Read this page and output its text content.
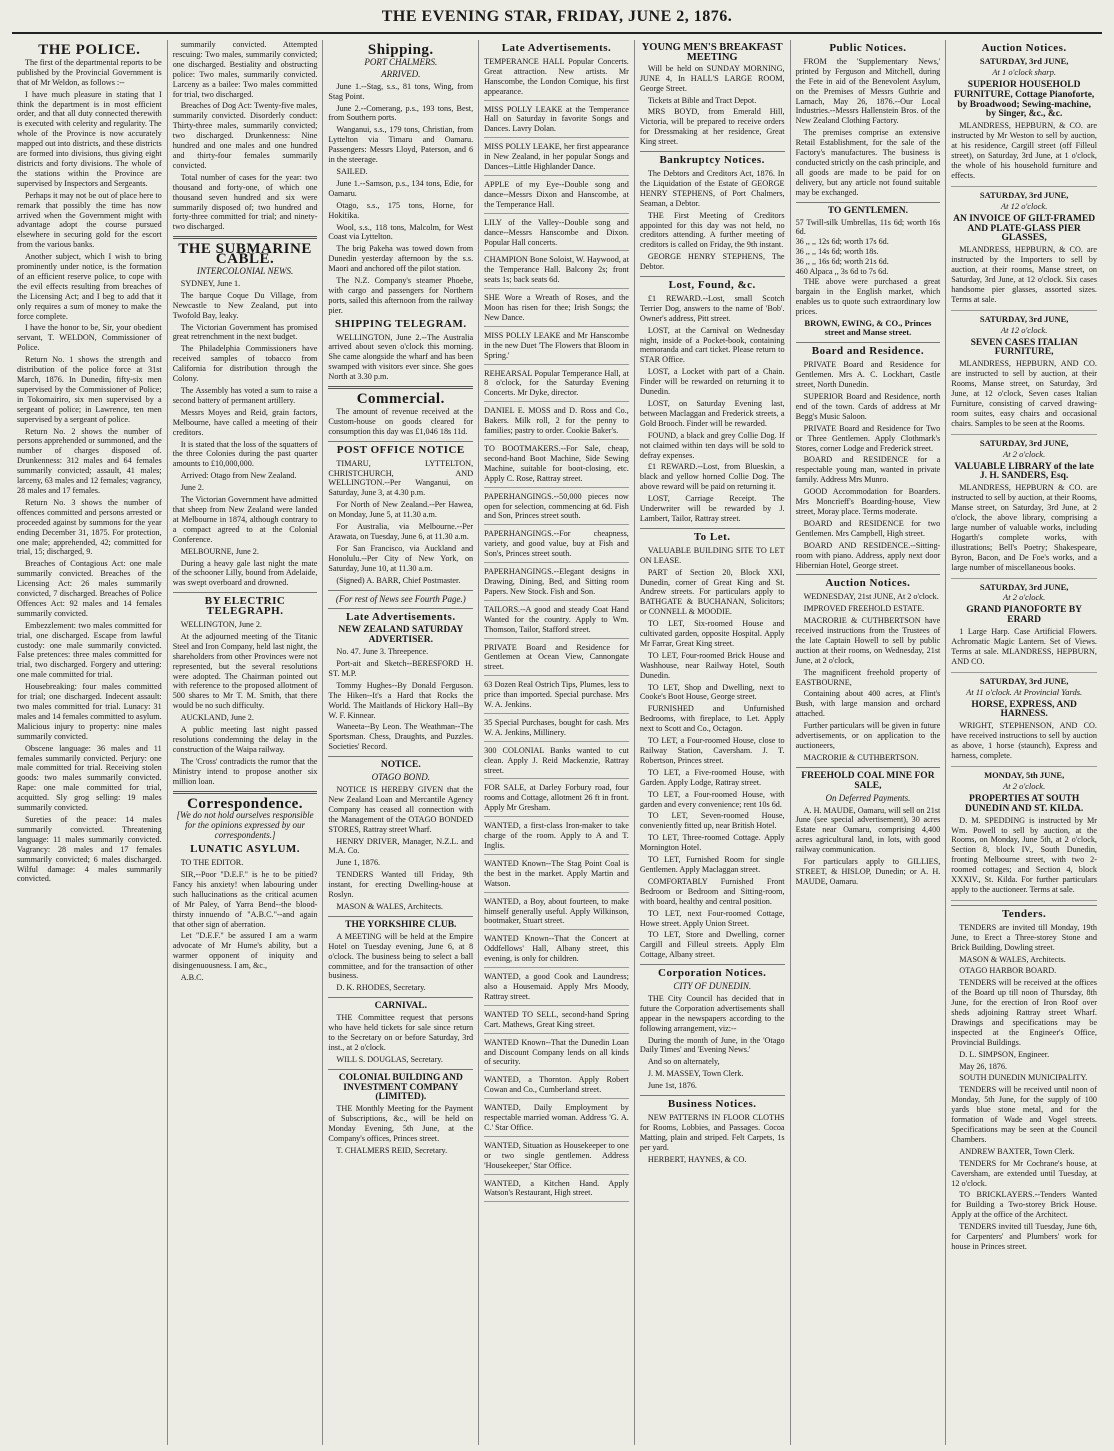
THE EVENING STAR, FRIDAY, JUNE 2, 1876.
THE POLICE.

The first of the departmental reports to be published by the Provincial Government is that of Mr Weldon, as follows :--

I have much pleasure in stating that I think the department is in most efficient order, and that all duty connected therewith is executed with celerity and regularity. The whole of the Province is now accurately mapped out into districts, and these districts are formed into divisions, thus giving eight districts and forty divisions. The whole of the stations within the Province are supervised by Inspectors and Sergeants.

Perhaps it may not be out of place here to remark that possibly the time has now arrived when the Government might with advantage adopt the course pursued elsewhere in securing gold for the escort from the various banks.

Another subject, which I wish to bring prominently under notice, is the formation of an efficient reserve police, to cope with the evil effects resulting from breaches of the Licensing Act; and I beg to add that it only requires a sum of money to make the force complete.

I have the honor to be, Sir, your obedient servant, T. WELDON, Commissioner of Police.

Return No. 1 shows the strength and distribution of the police force at 31st March, 1876. In Dunedin, fifty-six men supervised by the Commissioner of Police; in Tokomairiro, six men supervised by a sergeant of police; in Lawrence, ten men supervised by a sergeant of police.

Return No. 2 shows the number of persons apprehended or summoned, and the number of charges disposed of. Drunkenness: 312 males and 64 females summarily convicted; assault, 41 males; larceny, 63 males and 12 females; vagrancy, 28 males and 17 females.

Return No. 3 shows the number of offences committed and persons arrested or proceeded against by summons for the year ending December 31, 1875. For protection, one male; apprehended, 42; committed for trial, 15; discharged, 9.

Breaches of Contagious Act: one male summarily convicted. Breaches of the Licensing Act: 26 males summarily convicted, 7 discharged. Breaches of Police Offences Act: 92 males and 14 females summarily convicted.

Embezzlement: two males committed for trial, one discharged. Escape from lawful custody: one male summarily convicted. False pretences: three males committed for trial, two discharged. Forgery and uttering: one male committed for trial.

Housebreaking: four males committed for trial; one discharged. Indecent assault: two males committed for trial. Lunacy: 31 males and 14 females committed to asylum. Malicious injury to property: nine males summarily convicted.

Obscene language: 36 males and 11 females summarily convicted. Perjury: one male committed for trial. Receiving stolen goods: two males summarily convicted. Rape: one male committed for trial, acquitted. Sly grog selling: 19 males summarily convicted.

Sureties of the peace: 14 males summarily convicted. Threatening language: 11 males summarily convicted. Vagrancy: 28 males and 17 females summarily convicted; 6 males discharged. Wilful damage: 4 males summarily convicted.

summarily convicted. Attempted rescuing: Two males, summarily convicted; one discharged. Bestiality and obstructing police: Two males, summarily convicted. Larceny as a bailee: Two males committed for trial, two discharged.

Breaches of Dog Act: Twenty-five males, summarily convicted. Disorderly conduct: Thirty-three males, summarily convicted; two discharged. Drunkenness: Nine hundred and one males and one hundred and thirty-four females summarily convicted.

Total number of cases for the year: two thousand and forty-one, of which one thousand seven hundred and six were summarily disposed of; two hundred and forty-three committed for trial; and ninety-two discharged.

THE SUBMARINE CABLE.
INTERCOLONIAL NEWS.

SYDNEY, June 1.

The barque Coque Du Village, from Newcastle to New Zealand, put into Twofold Bay, leaky.

The Victorian Government has promised great retrenchment in the next budget.

The Philadelphia Commissioners have received samples of tobacco from California for distribution through the Colony.

The Assembly has voted a sum to raise a second battery of permanent artillery.

Messrs Moyes and Reid, grain factors, Melbourne, have called a meeting of their creditors.

It is stated that the loss of the squatters of the three Colonies during the past quarter amounts to £10,000,000.

Arrived: Otago from New Zealand.

June 2.

The Victorian Government have admitted that sheep from New Zealand were landed at Melbourne in 1874, although contrary to a compact agreed to at the Colonial Conference.

MELBOURNE, June 2.

During a heavy gale last night the mate of the schooner Lilly, bound from Adelaide, was swept overboard and drowned.

BY ELECTRIC TELEGRAPH.

WELLINGTON, June 2.

At the adjourned meeting of the Titanic Steel and Iron Company, held last night, the shareholders from other Provinces were not represented, but the several resolutions were adopted. The Chairman pointed out with reference to the proposed allotment of 500 shares to Mr T. M. Smith, that there would be no such difficulty.

AUCKLAND, June 2.

A public meeting last night passed resolutions condemning the delay in the construction of the Waipa railway.

The 'Cross' contradicts the rumor that the Ministry intend to propose another six million loan.

Correspondence.
[We do not hold ourselves responsible for the opinions expressed by our correspondents.]
LUNATIC ASYLUM.

TO THE EDITOR.

SIR,--Poor "D.E.F." is he to be pitied? Fancy his anxiety! when labouring under such hallucinations as the critical acumen of Mr Paley, of Yarra Bend--the blood-thirsty innuendo of "A.B.C."--and again that other sign of aberration.

Let "D.E.F." be assured I am a warm advocate of Mr Hume's ability, but a warmer opponent of iniquity and disingenuousness. I am, &c.,

A.B.C.

Shipping.
PORT CHALMERS.
ARRIVED.

June 1.--Stag, s.s., 81 tons, Wing, from Stag Point.

June 2.--Comerang, p.s., 193 tons, Best, from Southern ports.

Wanganui, s.s., 179 tons, Christian, from Lyttelton via Timaru and Oamaru. Passengers: Messrs Lloyd, Paterson, and 6 in the steerage.

SAILED.

June 1.--Samson, p.s., 134 tons, Edie, for Oamaru.

Otago, s.s., 175 tons, Horne, for Hokitika.

Wool, s.s., 118 tons, Malcolm, for West Coast via Lyttelton.

The brig Pakeha was towed down from Dunedin yesterday afternoon by the s.s. Maori and anchored off the pilot station.

The N.Z. Company's steamer Phoebe, with cargo and passengers for Northern ports, sailed this afternoon from the railway pier.

SHIPPING TELEGRAM.

WELLINGTON, June 2.--The Australia arrived about seven o'clock this morning. She came alongside the wharf and has been swamped with visitors ever since. She goes North at 3.30 p.m.

Commercial.

The amount of revenue received at the Custom-house on goods cleared for consumption this day was £1,046 18s 11d.

POST OFFICE NOTICE

TIMARU, LYTTELTON, CHRISTCHURCH, AND WELLINGTON.--Per Wanganui, on Saturday, June 3, at 4.30 p.m.

For North of New Zealand.--Per Hawea, on Monday, June 5, at 11.30 a.m.

For Australia, via Melbourne.--Per Arawata, on Tuesday, June 6, at 11.30 a.m.

For San Francisco, via Auckland and Honolulu.--Per City of New York, on Saturday, June 10, at 11.30 a.m.

(Signed) A. BARR, Chief Postmaster.

(For rest of News see Fourth Page.)
Late Advertisements.
NEW ZEALAND SATURDAY ADVERTISER.

No. 47. June 3. Threepence.

Port-ait and Sketch--BERESFORD H. ST. M.P.

Tommy Hughes--By Donald Ferguson. The Hiken--It's a Hard that Rocks the World. The Maitlands of Hickory Hall--By W. F. Kinnear.

Waneeta--By Leon. The Weathman--The Sportsman. Chess, Draughts, and Puzzles. Societies' Record.

NOTICE.
OTAGO BOND.

NOTICE IS HEREBY GIVEN that the New Zealand Loan and Mercantile Agency Company has ceased all connection with the Management of the OTAGO BONDED STORES, Rattray street Wharf.

HENRY DRIVER, Manager, N.Z.L. and M.A. Co.

June 1, 1876.

TENDERS Wanted till Friday, 9th instant, for erecting Dwelling-house at Roslyn.

MASON & WALES, Architects.

THE YORKSHIRE CLUB.

A MEETING will be held at the Empire Hotel on Tuesday evening, June 6, at 8 o'clock. The business being to select a ball committee, and for the transaction of other business.

D. K. RHODES, Secretary.

CARNIVAL.

THE Committee request that persons who have held tickets for sale since return to the Secretary on or before Saturday, 3rd inst., at 2 o'clock.

WILL S. DOUGLAS, Secretary.

COLONIAL BUILDING AND INVESTMENT COMPANY (LIMITED).

THE Monthly Meeting for the Payment of Subscriptions, &c., will be held on Monday Evening, 5th June, at the Company's offices, Princes street.

T. CHALMERS REID, Secretary.

Late Advertisements.
TEMPERANCE HALL Popular Concerts. Great attraction. New artists. Mr Hanscombe, the London Comique, his first appearance.
MISS POLLY LEAKE at the Temperance Hall on Saturday in favorite Songs and Dances. Lavry Dolan.
MISS POLLY LEAKE, her first appearance in New Zealand, in her popular Songs and Dances--Little Highlander Dance.
APPLE of my Eye--Double song and dance--Messrs Dixon and Hanscombe, at the Temperance Hall.
LILY of the Valley--Double song and dance--Messrs Hanscombe and Dixon. Popular Hall concerts.
CHAMPION Bone Soloist, W. Haywood, at the Temperance Hall. Balcony 2s; front seats 1s; back seats 6d.
SHE Wore a Wreath of Roses, and the Moon has risen for thee; Irish Songs; the New Dance.
MISS POLLY LEAKE and Mr Hanscombe in the new Duet 'The Flowers that Bloom in Spring.'
REHEARSAL Popular Temperance Hall, at 8 o'clock, for the Saturday Evening Concerts. Mr Dyke, director.
DANIEL E. MOSS and D. Ross and Co., Bakers. Milk roll, 2 for the penny to families; pastry to order. Cookie Baker's.
TO BOOTMAKERS.--For Sale, cheap, second-hand Boot Machine, Side Sewing Machine, suitable for boot-closing, etc. Apply C. Rose, Rattray street.
PAPERHANGINGS.--50,000 pieces now open for selection, commencing at 6d. Fish and Son, Princes street south.
PAPERHANGINGS.--For cheapness, variety, and good value, buy at Fish and Son's, Princes street south.
PAPERHANGINGS.--Elegant designs in Drawing, Dining, Bed, and Sitting room Papers. New Stock. Fish and Son.
TAILORS.--A good and steady Coat Hand Wanted for the country. Apply to Wm. Thomson, Tailor, Stafford street.
PRIVATE Board and Residence for Gentlemen at Ocean View, Cannongate street.
63 Dozen Real Ostrich Tips, Plumes, less to price than imported. Special purchase. Mrs W. A. Jenkins.
35 Special Purchases, bought for cash. Mrs W. A. Jenkins, Millinery.
300 COLONIAL Banks wanted to cut clean. Apply J. Reid Mackenzie, Rattray street.
FOR SALE, at Darley Forbury road, four rooms and Cottage, allotment 26 ft in front. Apply Mr Gresham.
WANTED, a first-class Iron-maker to take charge of the room. Apply to A and T. Inglis.
WANTED Known--The Stag Point Coal is the best in the market. Apply Martin and Watson.
WANTED, a Boy, about fourteen, to make himself generally useful. Apply Wilkinson, bootmaker, Stuart street.
WANTED Known--That the Concert at Oddfellows' Hall, Albany street, this evening, is only for children.
WANTED, a good Cook and Laundress; also a Housemaid. Apply Mrs Moody, Rattray street.
WANTED TO SELL, second-hand Spring Cart. Mathews, Great King street.
WANTED Known--That the Dunedin Loan and Discount Company lends on all kinds of security.
WANTED, a Thornton. Apply Robert Cowan and Co., Cumberland street.
WANTED, Daily Employment by respectable married woman. Address 'G. A. C.' Star Office.
WANTED, Situation as Housekeeper to one or two single gentlemen. Address 'Housekeeper,' Star Office.
WANTED, a Kitchen Hand. Apply Watson's Restaurant, High street.
YOUNG MEN'S BREAKFAST MEETING

Will be held on SUNDAY MORNING, JUNE 4, In HALL'S LARGE ROOM, George Street.

Tickets at Bible and Tract Depot.

MRS BOYD, from Emerald Hill, Victoria, will be prepared to receive orders for Dressmaking at her residence, Great King street.

Bankruptcy Notices.

The Debtors and Creditors Act, 1876. In the Liquidation of the Estate of GEORGE HENRY STEPHENS, of Port Chalmers, Seaman, a Debtor.

THE First Meeting of Creditors appointed for this day was not held, no creditors attending. A further meeting of creditors is called on Friday, the 9th instant.

GEORGE HENRY STEPHENS, The Debtor.

Lost, Found, &c.

£1 REWARD.--Lost, small Scotch Terrier Dog, answers to the name of 'Bob'. Owner's address, Pitt street.

LOST, at the Carnival on Wednesday night, inside of a Pocket-book, containing memoranda and cart ticket. Please return to STAR Office.

LOST, a Locket with part of a Chain. Finder will be rewarded on returning it to Dunedin.

LOST, on Saturday Evening last, between Maclaggan and Frederick streets, a Gold Brooch. Finder will be rewarded.

FOUND, a black and grey Collie Dog. If not claimed within ten days will be sold to defray expenses.

£1 REWARD.--Lost, from Blueskin, a black and yellow horned Collie Dog. The above reward will be paid on returning it.

LOST, Carriage Receipt. The Underwriter will be rewarded by J. Lambert, Tailor, Rattray street.

To Let.

VALUABLE BUILDING SITE TO LET ON LEASE.

PART of Section 20, Block XXI, Dunedin, corner of Great King and St. Andrew streets. For particulars apply to BATHGATE & BUCHANAN, Solicitors; or CONNELL & MOODIE.

TO LET, Six-roomed House and cultivated garden, opposite Hospital. Apply Mr Farrar, Great King street.

TO LET, Four-roomed Brick House and Washhouse, near Railway Hotel, South Dunedin.

TO LET, Shop and Dwelling, next to Cooke's Boot House, George street.

FURNISHED and Unfurnished Bedrooms, with fireplace, to Let. Apply next to Scott and Co., Octagon.

TO LET, a Four-roomed House, close to Railway Station, Caversham. J. T. Robertson, Princes street.

TO LET, a Five-roomed House, with Garden. Apply Lodge, Rattray street.

TO LET, a Four-roomed House, with garden and every convenience; rent 10s 6d.

TO LET, Seven-roomed House, conveniently fitted up, near British Hotel.

TO LET, Three-roomed Cottage. Apply Mornington Hotel.

TO LET, Furnished Room for single Gentlemen. Apply Maclaggan street.

COMFORTABLY Furnished Front Bedroom or Bedroom and Sitting-room, with board, healthy and central position.

TO LET, next Four-roomed Cottage, Howe street. Apply Union Street.

TO LET, Store and Dwelling, corner Cargill and Filleul streets. Apply Elm Cottage, Albany street.

Corporation Notices.
CITY OF DUNEDIN.

THE City Council has decided that in future the Corporation advertisements shall appear in the newspapers according to the following arrangement, viz:--

During the month of June, in the 'Otago Daily Times' and 'Evening News.'

And so on alternately,

J. M. MASSEY, Town Clerk.

June 1st, 1876.

Business Notices.

NEW PATTERNS IN FLOOR CLOTHS for Rooms, Lobbies, and Passages. Cocoa Matting, plain and striped. Felt Carpets, 1s per yard.

HERBERT, HAYNES, & CO.

Public Notices.

FROM the 'Supplementary News,' printed by Ferguson and Mitchell, during the Fete in aid of the Benevolent Asylum, on the Premises of Messrs Guthrie and Larnach, May 26, 1876.--Our Local Industries.--Messrs Hallenstein Bros. of the New Zealand Clothing Factory.

The premises comprise an extensive Retail Establishment, for the sale of the Factory's manufactures. The business is conducted strictly on the cash principle, and all goods are made to be paid for on delivery, but any article not found suitable may be exchanged.

TO GENTLEMEN.
57 Twill-silk Umbrellas, 11s 6d; worth 16s 6d.
36 ,, ,, 12s 6d; worth 17s 6d.
36 ,, ,, 14s 6d; worth 18s.
36 ,, ,, 16s 6d; worth 21s 6d.
460 Alpaca ,, 3s 6d to 7s 6d.

THE above were purchased a great bargain in the English market, which enables us to quote such extraordinary low prices.

BROWN, EWING, & CO., Princes street and Manse street.
Board and Residence.

PRIVATE Board and Residence for Gentlemen. Mrs A. C. Lockhart, Castle street, North Dunedin.

SUPERIOR Board and Residence, north end of the town. Cards of address at Mr Begg's Music Saloon.

PRIVATE Board and Residence for Two or Three Gentlemen. Apply Clothmark's Stores, corner Lodge and Frederick street.

BOARD and RESIDENCE for a respectable young man, wanted in private family. Address Mrs Munro.

GOOD Accommodation for Boarders. Mrs Moncrieff's Boarding-house, View street, Moray place. Terms moderate.

BOARD and RESIDENCE for two Gentlemen. Mrs Campbell, High street.

BOARD AND RESIDENCE.--Sitting-room with piano. Address, apply next door Hibernian Hotel, George street.

Auction Notices.

WEDNESDAY, 21st JUNE, At 2 o'clock.

IMPROVED FREEHOLD ESTATE.

MACRORIE & CUTHBERTSON have received instructions from the Trustees of the late Captain Howell to sell by public auction at their rooms, on Wednesday, 21st June, at 2 o'clock,

The magnificent freehold property of EASTBOURNE,

Containing about 400 acres, at Flint's Bush, with large mansion and orchard attached.

Further particulars will be given in future advertisements, or on application to the auctioneers,

MACRORIE & CUTHBERTSON.

FREEHOLD COAL MINE FOR SALE,
On Deferred Payments.

A. H. MAUDE, Oamaru, will sell on 21st June (see special advertisement), 30 acres Estate near Oamaru, comprising 4,400 acres agricultural land, in lots, with good railway communication.

For particulars apply to GILLIES, STREET, & HISLOP, Dunedin; or A. H. MAUDE, Oamaru.

Auction Notices.
SATURDAY, 3rd JUNE,
At 1 o'clock sharp.
SUPERIOR HOUSEHOLD FURNITURE, Cottage Pianoforte, by Broadwood; Sewing-machine, by Singer, &c., &c.

MLANDRESS, HEPBURN, & CO. are instructed by Mr Weston to sell by auction, at his residence, Cargill street (off Filleul street), on Saturday, 3rd June, at 1 o'clock, the whole of his household furniture and effects.

SATURDAY, 3rd JUNE,
At 12 o'clock.
AN INVOICE OF GILT-FRAMED AND PLATE-GLASS PIER GLASSES,

MLANDRESS, HEPBURN, & CO. are instructed by the Importers to sell by auction, at their rooms, Manse street, on Saturday, 3rd June, at 12 o'clock. Six cases handsome pier glasses, assorted sizes. Terms at sale.

SATURDAY, 3rd JUNE,
At 12 o'clock.
SEVEN CASES ITALIAN FURNITURE,

MLANDRESS, HEPBURN, AND CO. are instructed to sell by auction, at their Rooms, Manse street, on Saturday, 3rd June, at 12 o'clock, Seven cases Italian Furniture, consisting of carved drawing-room suites, easy chairs and occasional chairs. Samples to be seen at the Rooms.

SATURDAY, 3rd JUNE,
At 2 o'clock.
VALUABLE LIBRARY of the late J. H. SANDERS, Esq.

MLANDRESS, HEPBURN & CO. are instructed to sell by auction, at their Rooms, Manse street, on Saturday, 3rd June, at 2 o'clock, the above library, comprising a large number of valuable works, including Hogarth's complete works, with illustrations; Bell's Poetry; Shakespeare, Byron, Bacon, and De Foe's works, and a large number of miscellaneous books.

SATURDAY, 3rd JUNE,
At 2 o'clock.
GRAND PIANOFORTE BY ERARD

1 Large Harp. Case Artificial Flowers. Achromatic Magic Lantern. Set of Views. Terms at sale. MLANDRESS, HEPBURN, AND CO.

SATURDAY, 3rd JUNE,
At 11 o'clock. At Provincial Yards.
HORSE, EXPRESS, AND HARNESS.

WRIGHT, STEPHENSON, AND CO. have received instructions to sell by auction as above, 1 horse (staunch), Express and harness, complete.

MONDAY, 5th JUNE,
At 2 o'clock.
PROPERTIES AT SOUTH DUNEDIN AND ST. KILDA.

D. M. SPEDDING is instructed by Mr Wm. Powell to sell by auction, at the Rooms, on Monday, June 5th, at 2 o'clock, Section 8, block IV., South Dunedin, fronting Melbourne street, with two 2-roomed cottages; and Section 4, block XXXIV., St. Kilda. For further particulars apply to the auctioneer. Terms at sale.

Tenders.

TENDERS are invited till Monday, 19th June, to Erect a Three-storey Stone and Brick Building, Dowling street.

MASON & WALES, Architects.

OTAGO HARBOR BOARD.

TENDERS will be received at the offices of the Board up till noon of Thursday, 8th June, for the erection of Iron Roof over sheds adjoining Rattray street Wharf. Drawings and specifications may be inspected at the Engineer's Office, Provincial Buildings.

D. L. SIMPSON, Engineer.

May 26, 1876.

SOUTH DUNEDIN MUNICIPALITY.

TENDERS will be received until noon of Monday, 5th June, for the supply of 100 yards blue stone metal, and for the formation of Wade and Vogel streets. Specifications may be seen at the Council Chambers.

ANDREW BAXTER, Town Clerk.

TENDERS for Mr Cochrane's house, at Caversham, are extended until Tuesday, at 12 o'clock.

TO BRICKLAYERS.--Tenders Wanted for Building a Two-storey Brick House. Apply at the office of the Architect.

TENDERS invited till Tuesday, June 6th, for Carpenters' and Plumbers' work for house in Princes street.
